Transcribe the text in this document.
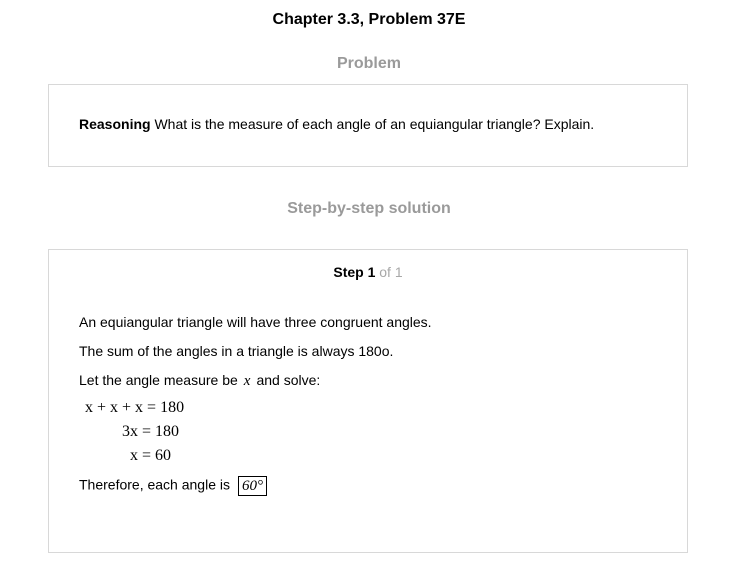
Chapter 3.3, Problem 37E
Problem
Reasoning What is the measure of each angle of an equiangular triangle? Explain.
Step-by-step solution
Step 1 of 1
An equiangular triangle will have three congruent angles.
The sum of the angles in a triangle is always 180o.
Let the angle measure be x and solve:
x + x + x = 180
3x = 180
x = 60
Therefore, each angle is 60°
